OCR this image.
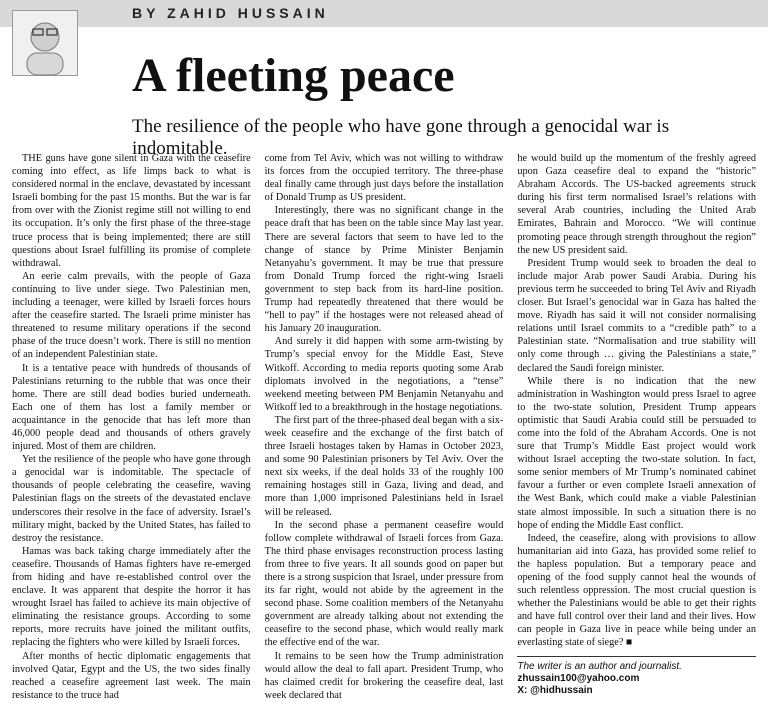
BY ZAHID HUSSAIN
A fleeting peace

The resilience of the people who have gone through a genocidal war is indomitable.

THE guns have gone silent in Gaza with the ceasefire coming into effect, as life limps back to what is considered normal in the enclave, devastated by incessant Israeli bombing for the past 15 months. But the war is far from over with the Zionist regime still not willing to end its occupation. It’s only the first phase of the three-stage truce process that is being implemented; there are still questions about Israel fulfilling its promise of complete withdrawal.

An eerie calm prevails, with the people of Gaza continuing to live under siege. Two Palestinian men, including a teenager, were killed by Israeli forces hours after the ceasefire started. The Israeli prime minister has threatened to resume military operations if the second phase of the truce doesn’t work. There is still no mention of an independent Palestinian state.

It is a tentative peace with hundreds of thousands of Palestinians returning to the rubble that was once their home. There are still dead bodies buried underneath. Each one of them has lost a family member or acquaintance in the genocide that has left more than 46,000 people dead and thousands of others gravely injured. Most of them are children.

Yet the resilience of the people who have gone through a genocidal war is indomitable. The spectacle of thousands of people celebrating the ceasefire, waving Palestinian flags on the streets of the devastated enclave underscores their resolve in the face of adversity. Israel’s military might, backed by the United States, has failed to destroy the resistance.

Hamas was back taking charge immediately after the ceasefire. Thousands of Hamas fighters have re-emerged from hiding and have re-established control over the enclave. It was apparent that despite the horror it has wrought Israel has failed to achieve its main objective of eliminating the resistance groups. According to some reports, more recruits have joined the militant outfits, replacing the fighters who were killed by Israeli forces.

After months of hectic diplomatic engagements that involved Qatar, Egypt and the US, the two sides finally reached a ceasefire agreement last week. The main resistance to the truce had

come from Tel Aviv, which was not willing to withdraw its forces from the occupied territory. The three-phase deal finally came through just days before the installation of Donald Trump as US president.

Interestingly, there was no significant change in the peace draft that has been on the table since May last year. There are several factors that seem to have led to the change of stance by Prime Minister Benjamin Netanyahu’s government. It may be true that pressure from Donald Trump forced the right-wing Israeli government to step back from its hard-line position. Trump had repeatedly threatened that there would be “hell to pay” if the hostages were not released ahead of his January 20 inauguration.

And surely it did happen with some arm-twisting by Trump’s special envoy for the Middle East, Steve Witkoff. According to media reports quoting some Arab diplomats involved in the negotiations, a “tense” weekend meeting between PM Benjamin Netanyahu and Witkoff led to a breakthrough in the hostage negotiations.

The first part of the three-phased deal began with a six-week ceasefire and the exchange of the first batch of three Israeli hostages taken by Hamas in October 2023, and some 90 Palestinian prisoners by Tel Aviv. Over the next six weeks, if the deal holds 33 of the roughly 100 remaining hostages still in Gaza, living and dead, and more than 1,000 imprisoned Palestinians held in Israel will be released.

In the second phase a permanent ceasefire would follow complete withdrawal of Israeli forces from Gaza. The third phase envisages reconstruction process lasting from three to five years. It all sounds good on paper but there is a strong suspicion that Israel, under pressure from its far right, would not abide by the agreement in the second phase. Some coalition members of the Netanyahu government are already talking about not extending the ceasefire to the second phase, which would really mark the effective end of the war.

It remains to be seen how the Trump administration would allow the deal to fall apart. President Trump, who has claimed credit for brokering the ceasefire deal, last week declared that

he would build up the momentum of the freshly agreed upon Gaza ceasefire deal to expand the “historic” Abraham Accords. The US-backed agreements struck during his first term normalised Israel’s relations with several Arab countries, including the United Arab Emirates, Bahrain and Morocco. “We will continue promoting peace through strength throughout the region” the new US president said.

President Trump would seek to broaden the deal to include major Arab power Saudi Arabia. During his previous term he succeeded to bring Tel Aviv and Riyadh closer. But Israel’s genocidal war in Gaza has halted the move. Riyadh has said it will not consider normalising relations until Israel commits to a “credible path” to a Palestinian state. “Normalisation and true stability will only come through … giving the Palestinians a state,” declared the Saudi foreign minister.

While there is no indication that the new administration in Washington would press Israel to agree to the two-state solution, President Trump appears optimistic that Saudi Arabia could still be persuaded to come into the fold of the Abraham Accords. One is not sure that Trump’s Middle East project would work without Israel accepting the two-state solution. In fact, some senior members of Mr Trump’s nominated cabinet favour a further or even complete Israeli annexation of the West Bank, which could make a viable Palestinian state almost impossible. In such a situation there is no hope of ending the Middle East conflict.

Indeed, the ceasefire, along with provisions to allow humanitarian aid into Gaza, has provided some relief to the hapless population. But a temporary peace and opening of the food supply cannot heal the wounds of such relentless oppression. The most crucial question is whether the Palestinians would be able to get their rights and have full control over their land and their lives. How can people in Gaza live in peace while being under an everlasting state of siege? ■

The writer is an author and journalist.
zhussain100@yahoo.com
X: @hidhussain
